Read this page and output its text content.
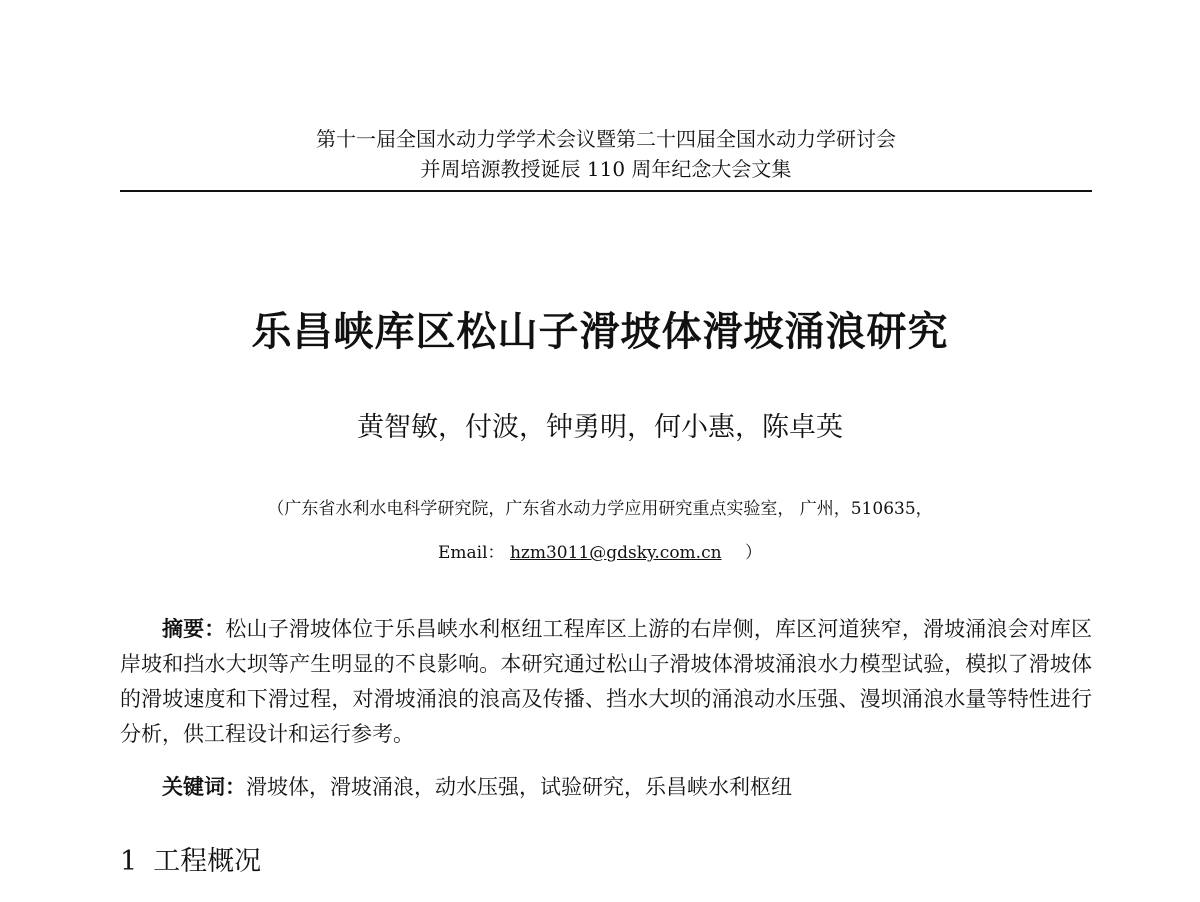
第十一届全国水动力学学术会议暨第二十四届全国水动力学研讨会
并周培源教授诞辰 110 周年纪念大会文集
乐昌峡库区松山子滑坡体滑坡涌浪研究
黄智敏，付波，钟勇明，何小惠，陈卓英
（广东省水利水电科学研究院，广东省水动力学应用研究重点实验室， 广州，510635，
Email： hzm3011@gdsky.com.cn ）

摘要：松山子滑坡体位于乐昌峡水利枢纽工程库区上游的右岸侧，库区河道狭窄，滑坡涌浪会对库区岸坡和挡水大坝等产生明显的不良影响。本研究通过松山子滑坡体滑坡涌浪水力模型试验，模拟了滑坡体的滑坡速度和下滑过程，对滑坡涌浪的浪高及传播、挡水大坝的涌浪动水压强、漫坝涌浪水量等特性进行分析，供工程设计和运行参考。

关键词：滑坡体，滑坡涌浪，动水压强，试验研究，乐昌峡水利枢纽

1 工程概况
